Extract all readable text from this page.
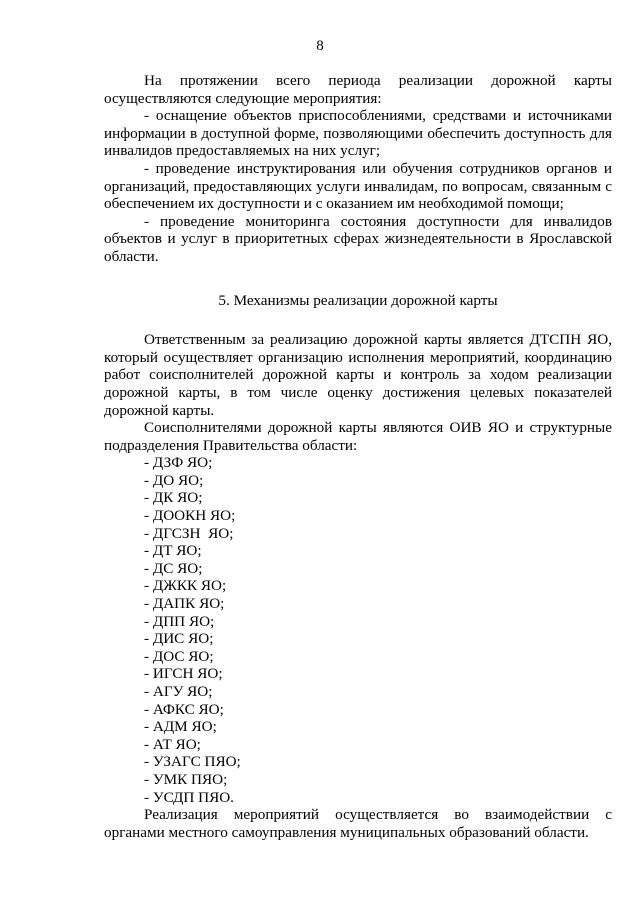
8

На протяжении всего периода реализации дорожной карты осуществляются следующие мероприятия:

- оснащение объектов приспособлениями, средствами и источниками информации в доступной форме, позволяющими обеспечить доступность для инвалидов предоставляемых на них услуг;

- проведение инструктирования или обучения сотрудников органов и организаций, предоставляющих услуги инвалидам, по вопросам, связанным с обеспечением их доступности и с оказанием им необходимой помощи;

- проведение мониторинга состояния доступности для инвалидов объектов и услуг в приоритетных сферах жизнедеятельности в Ярославской области.

5. Механизмы реализации дорожной карты

Ответственным за реализацию дорожной карты является ДТСПН ЯО, который осуществляет организацию исполнения мероприятий, координацию работ соисполнителей дорожной карты и контроль за ходом реализации дорожной карты, в том числе оценку достижения целевых показателей дорожной карты.

Соисполнителями дорожной карты являются ОИВ ЯО и структурные подразделения Правительства области:

- ДЗФ ЯО;
- ДО ЯО;
- ДК ЯО;
- ДООКН ЯО;
- ДГСЗН  ЯО;
- ДТ ЯО;
- ДС ЯО;
- ДЖКК ЯО;
- ДАПК ЯО;
- ДПП ЯО;
- ДИС ЯО;
- ДОС ЯО;
- ИГСН ЯО;
- АГУ ЯО;
- АФКС ЯО;
- АДМ ЯО;
- АТ ЯО;
- УЗАГС ПЯО;
- УМК ПЯО;
- УСДП ПЯО.

Реализация мероприятий осуществляется во взаимодействии с органами местного самоуправления муниципальных образований области.
